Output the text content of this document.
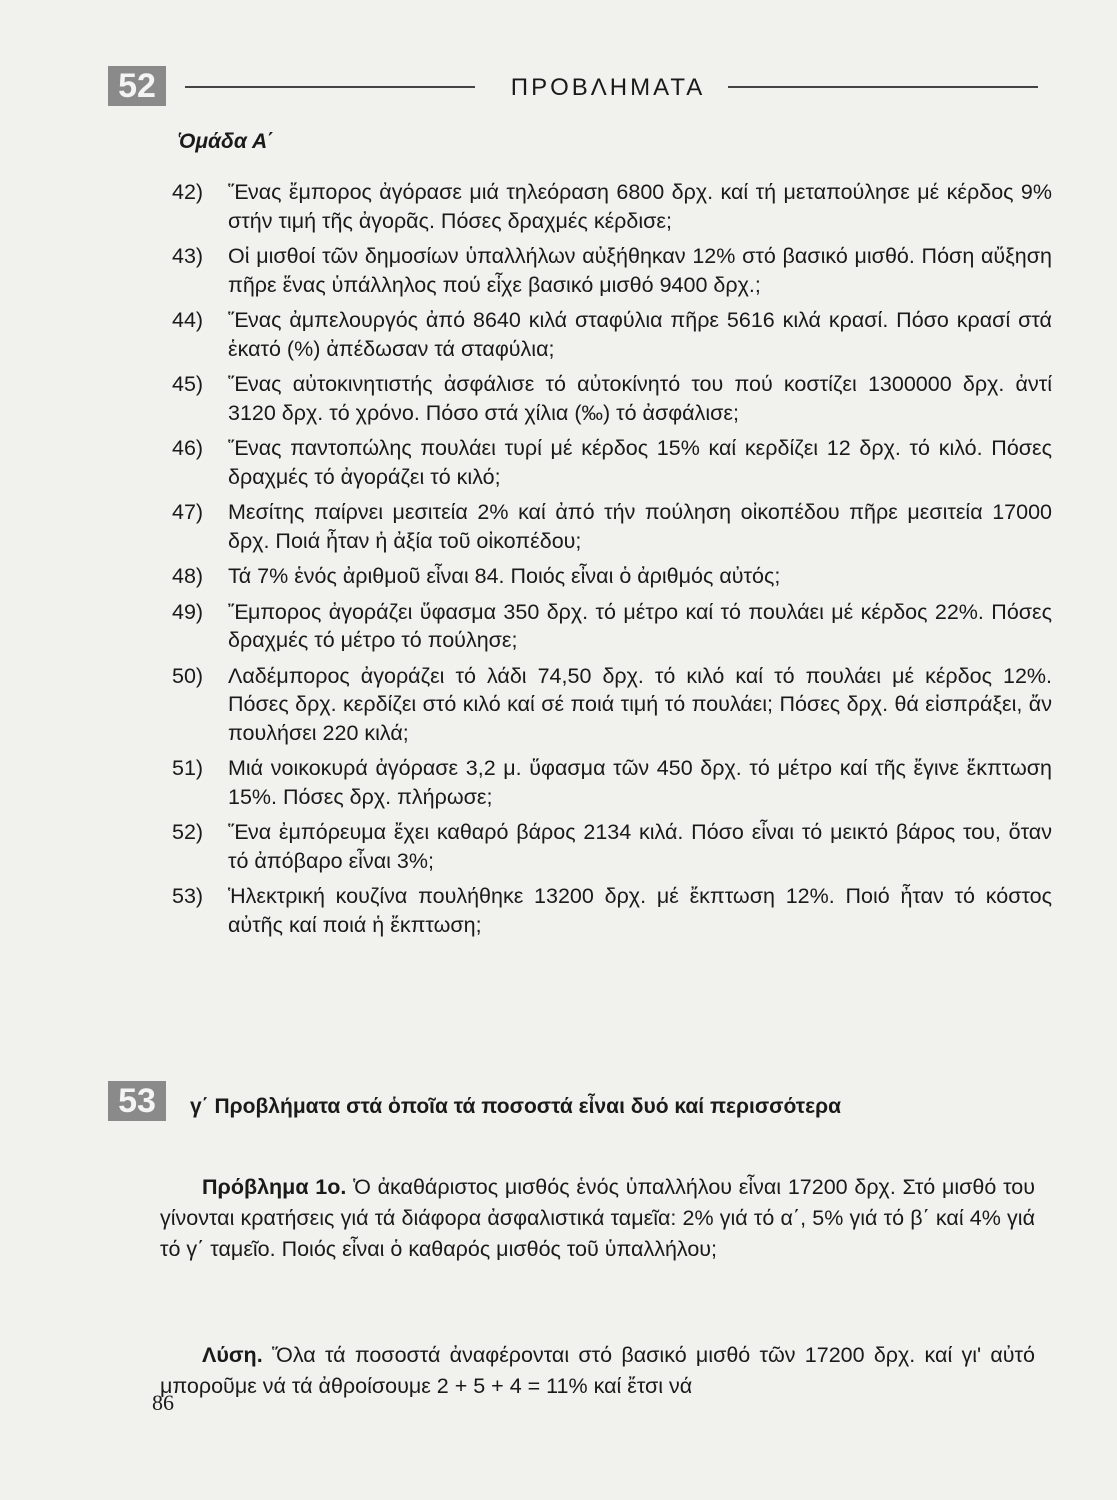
52	ΠΡΟΒΛΗΜΑΤΑ
Ὁμάδα Α΄
42)	Ἕνας ἔμπορος ἀγόρασε μιά τηλεόραση 6800 δρχ. καί τή μεταπούλησε μέ κέρδος 9% στήν τιμή τῆς ἀγορᾶς. Πόσες δραχμές κέρδισε;
43)	Οἱ μισθοί τῶν δημοσίων ὑπαλλήλων αὐξήθηκαν 12% στό βασικό μισθό. Πόση αὔξηση πῆρε ἕνας ὑπάλληλος πού εἶχε βασικό μισθό 9400 δρχ.;
44)	Ἕνας ἀμπελουργός ἀπό 8640 κιλά σταφύλια πῆρε 5616 κιλά κρασί. Πόσο κρασί στά ἑκατό (%) ἀπέδωσαν τά σταφύλια;
45)	Ἕνας αὐτοκινητιστής ἀσφάλισε τό αὐτοκίνητό του πού κοστίζει 1300000 δρχ. ἀντί 3120 δρχ. τό χρόνο. Πόσο στά χίλια (‰) τό ἀσφάλισε;
46)	Ἕνας παντοπώλης πουλάει τυρί μέ κέρδος 15% καί κερδίζει 12 δρχ. τό κιλό. Πόσες δραχμές τό ἀγοράζει τό κιλό;
47)	Μεσίτης παίρνει μεσιτεία 2% καί ἀπό τήν πούληση οἰκοπέδου πῆρε μεσιτεία 17000 δρχ. Ποιά ἦταν ἡ ἀξία τοῦ οἰκοπέδου;
48)	Τά 7% ἑνός ἀριθμοῦ εἶναι 84. Ποιός εἶναι ὁ ἀριθμός αὐτός;
49)	Ἔμπορος ἀγοράζει ὕφασμα 350 δρχ. τό μέτρο καί τό πουλάει μέ κέρδος 22%. Πόσες δραχμές τό μέτρο τό πούλησε;
50)	Λαδέμπορος ἀγοράζει τό λάδι 74,50 δρχ. τό κιλό καί τό πουλάει μέ κέρδος 12%. Πόσες δρχ. κερδίζει στό κιλό καί σέ ποιά τιμή τό πουλάει; Πόσες δρχ. θά εἰσπράξει, ἄν πουλήσει 220 κιλά;
51)	Μιά νοικοκυρά ἀγόρασε 3,2 μ. ὕφασμα τῶν 450 δρχ. τό μέτρο καί τῆς ἔγινε ἔκπτωση 15%. Πόσες δρχ. πλήρωσε;
52)	Ἕνα ἐμπόρευμα ἔχει καθαρό βάρος 2134 κιλά. Πόσο εἶναι τό μεικτό βάρος του, ὅταν τό ἀπόβαρο εἶναι 3%;
53)	Ἡλεκτρική κουζίνα πουλήθηκε 13200 δρχ. μέ ἔκπτωση 12%. Ποιό ἦταν τό κόστος αὐτῆς καί ποιά ἡ ἔκπτωση;
53	γ΄ Προβλήματα στά ὁποῖα τά ποσοστά εἶναι δυό καί περισσότερα

Πρόβλημα 1ο. Ὁ ἀκαθάριστος μισθός ἑνός ὑπαλλήλου εἶναι 17200 δρχ. Στό μισθό του γίνονται κρατήσεις γιά τά διάφορα ἀσφαλιστικά ταμεῖα: 2% γιά τό α΄, 5% γιά τό β΄ καί 4% γιά τό γ΄ ταμεῖο. Ποιός εἶναι ὁ καθαρός μισθός τοῦ ὑπαλλήλου;

Λύση. Ὅλα τά ποσοστά ἀναφέρονται στό βασικό μισθό τῶν 17200 δρχ. καί γι' αὐτό μποροῦμε νά τά ἀθροίσουμε 2 + 5 + 4 = 11% καί ἔτσι νά

86
